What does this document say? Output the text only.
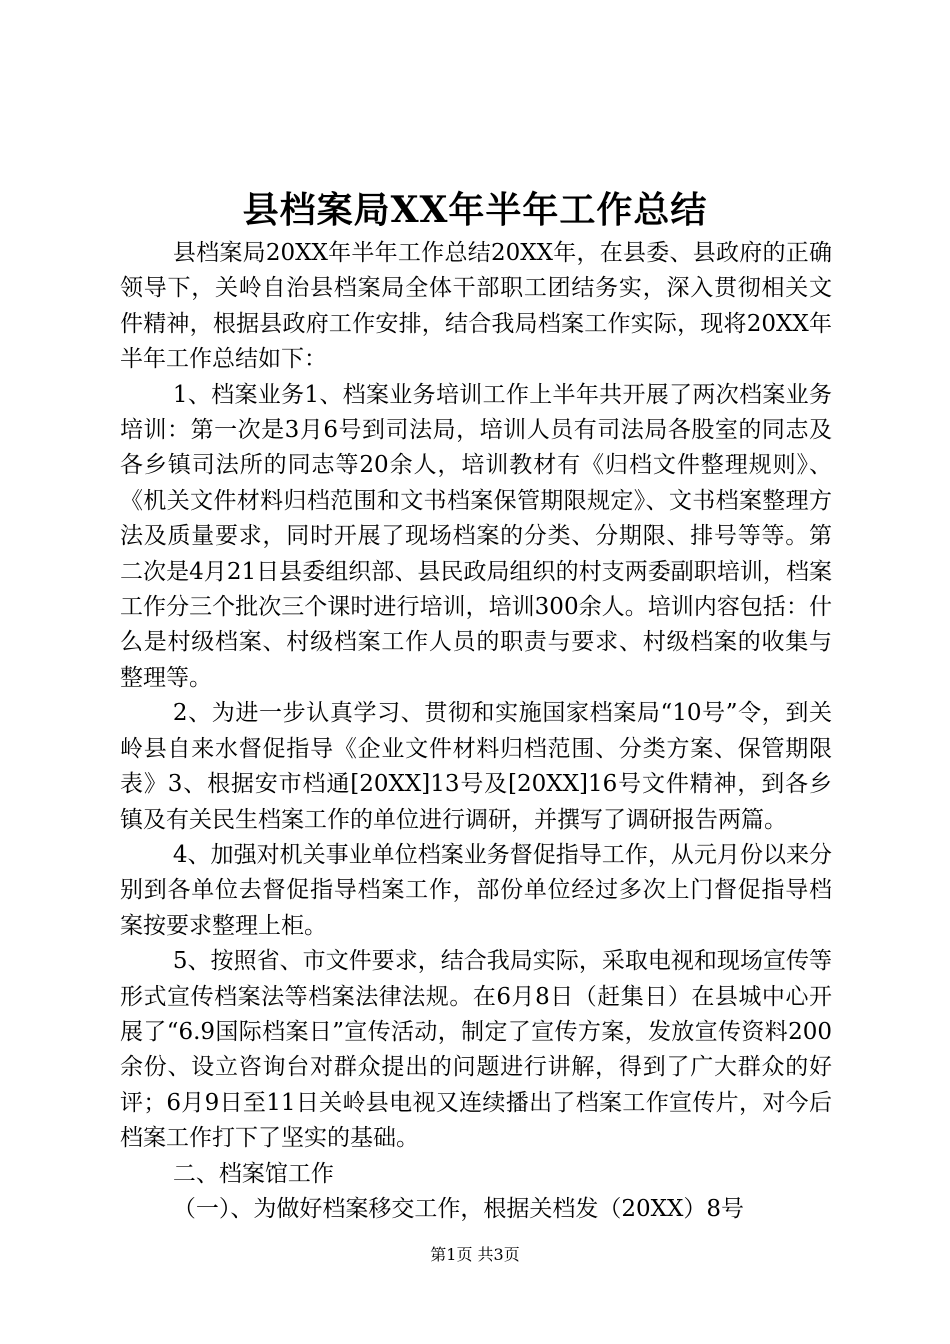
县档案局XX年半年工作总结

县档案局20XX年半年工作总结20XX年，在县委、县政府的正确领导下，关岭自治县档案局全体干部职工团结务实，深入贯彻相关文件精神，根据县政府工作安排，结合我局档案工作实际，现将20XX年半年工作总结如下：

1、档案业务1、档案业务培训工作上半年共开展了两次档案业务培训：第一次是3月6号到司法局，培训人员有司法局各股室的同志及各乡镇司法所的同志等20余人，培训教材有《归档文件整理规则》、《机关文件材料归档范围和文书档案保管期限规定》、文书档案整理方法及质量要求，同时开展了现场档案的分类、分期限、排号等等。第二次是4月21日县委组织部、县民政局组织的村支两委副职培训，档案工作分三个批次三个课时进行培训，培训300余人。培训内容包括：什么是村级档案、村级档案工作人员的职责与要求、村级档案的收集与整理等。

2、为进一步认真学习、贯彻和实施国家档案局“10号”令，到关岭县自来水督促指导《企业文件材料归档范围、分类方案、保管期限表》3、根据安市档通[20XX]13号及[20XX]16号文件精神，到各乡镇及有关民生档案工作的单位进行调研，并撰写了调研报告两篇。

4、加强对机关事业单位档案业务督促指导工作，从元月份以来分别到各单位去督促指导档案工作，部份单位经过多次上门督促指导档案按要求整理上柜。

5、按照省、市文件要求，结合我局实际，采取电视和现场宣传等形式宣传档案法等档案法律法规。在6月8日（赶集日）在县城中心开展了“6.9国际档案日”宣传活动，制定了宣传方案，发放宣传资料200余份、设立咨询台对群众提出的问题进行讲解，得到了广大群众的好评；6月9日至11日关岭县电视又连续播出了档案工作宣传片，对今后档案工作打下了坚实的基础。

二、档案馆工作

（一）、为做好档案移交工作，根据关档发（20XX）8号

第1页 共3页
